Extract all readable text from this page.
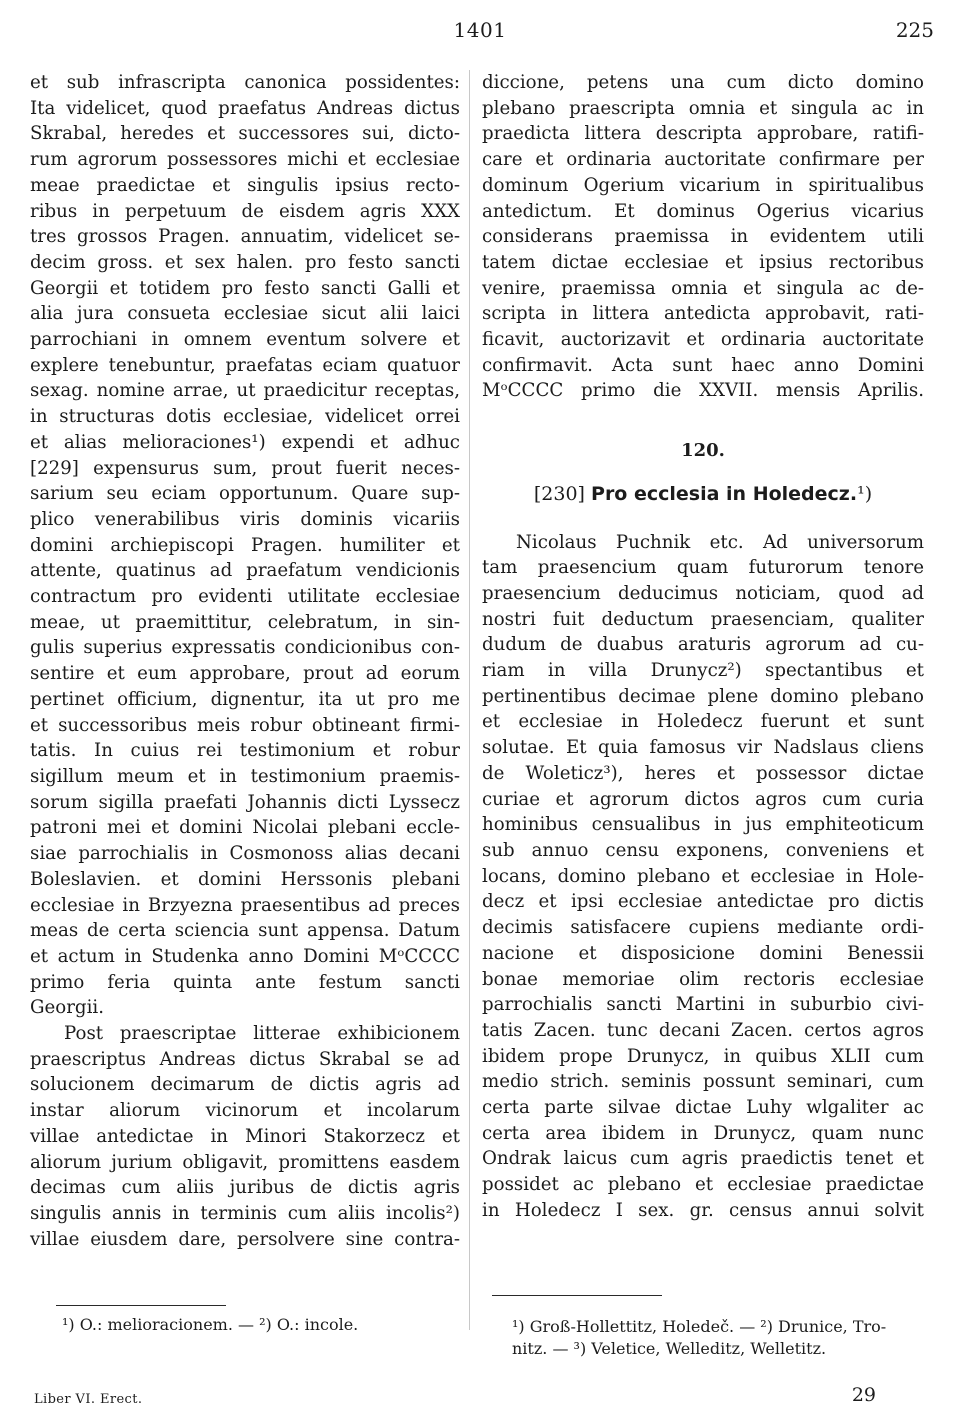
1401	225
et sub infrascripta canonica possidentes:
Ita videlicet, quod praefatus Andreas dictus
Skrabal, heredes et successores sui, dicto-
rum agrorum possessores michi et ecclesiae
meae praedictae et singulis ipsius recto-
ribus in perpetuum de eisdem agris XXX
tres grossos Pragen. annuatim, videlicet se-
decim gross. et sex halen. pro festo sancti
Georgii et totidem pro festo sancti Galli et
alia jura consueta ecclesiae sicut alii laici
parrochiani in omnem eventum solvere et
explere tenebuntur, praefatas eciam quatuor
sexag. nomine arrae, ut praedicitur receptas,
in structuras dotis ecclesiae, videlicet orrei
et alias melioraciones¹) expendi et adhuc
[229] expensurus sum, prout fuerit neces-
sarium seu eciam opportunum. Quare sup-
plico venerabilibus viris dominis vicariis
domini archiepiscopi Pragen. humiliter et
attente, quatinus ad praefatum vendicionis
contractum pro evidenti utilitate ecclesiae
meae, ut praemittitur, celebratum, in sin-
gulis superius expressatis condicionibus con-
sentire et eum approbare, prout ad eorum
pertinet officium, dignentur, ita ut pro me
et successoribus meis robur obtineant firmi-
tatis. In cuius rei testimonium et robur
sigillum meum et in testimonium praemis-
sorum sigilla praefati Johannis dicti Lyssecz
patroni mei et domini Nicolai plebani eccle-
siae parrochialis in Cosmonoss alias decani
Boleslavien. et domini Herssonis plebani
ecclesiae in Brzyezna praesentibus ad preces
meas de certa sciencia sunt appensa. Datum
et actum in Studenka anno Domini MᵒCCCC
primo feria quinta ante festum sancti
Georgii.
Post praescriptae litterae exhibicionem
praescriptus Andreas dictus Skrabal se ad
solucionem decimarum de dictis agris ad
instar aliorum vicinorum et incolarum
villae antedictae in Minori Stakorzecz et
aliorum jurium obligavit, promittens easdem
decimas cum aliis juribus de dictis agris
singulis annis in terminis cum aliis incolis²)
villae eiusdem dare, persolvere sine contra-
diccione, petens una cum dicto domino
plebano praescripta omnia et singula ac in
praedicta littera descripta approbare, ratifi-
care et ordinaria auctoritate confirmare per
dominum Ogerium vicarium in spiritualibus
antedictum. Et dominus Ogerius vicarius
considerans praemissa in evidentem utili
tatem dictae ecclesiae et ipsius rectoribus
venire, praemissa omnia et singula ac de-
scripta in littera antedicta approbavit, rati-
ficavit, auctorizavit et ordinaria auctoritate
confirmavit. Acta sunt haec anno Domini
MᵒCCCC primo die XXVII. mensis Aprilis.
120.
[230] Pro ecclesia in Holedecz.¹)
Nicolaus Puchnik etc. Ad universorum
tam praesencium quam futurorum tenore
praesencium deducimus noticiam, quod ad
nostri fuit deductum praesenciam, qualiter
dudum de duabus araturis agrorum ad cu-
riam in villa Drunycz²) spectantibus et
pertinentibus decimae plene domino plebano
et ecclesiae in Holedecz fuerunt et sunt
solutae. Et quia famosus vir Nadslaus cliens
de Woleticz³), heres et possessor dictae
curiae et agrorum dictos agros cum curia
hominibus censualibus in jus emphiteoticum
sub annuo censu exponens, conveniens et
locans, domino plebano et ecclesiae in Hole-
decz et ipsi ecclesiae antedictae pro dictis
decimis satisfacere cupiens mediante ordi-
nacione et disposicione domini Benessii
bonae memoriae olim rectoris ecclesiae
parrochialis sancti Martini in suburbio civi-
tatis Zacen. tunc decani Zacen. certos agros
ibidem prope Drunycz, in quibus XLII cum
medio strich. seminis possunt seminari, cum
certa parte silvae dictae Luhy wlgaliter ac
certa area ibidem in Drunycz, quam nunc
Ondrak laicus cum agris praedictis tenet et
possidet ac plebano et ecclesiae praedictae
in Holedecz I sex. gr. census annui solvit
¹) O.: melioracionem. — ²) O.: incole.	¹) Groß-Hollettitz, Holedeč. — ²) Drunice, Tro-
nitz. — ³) Veletice, Welleditz, Welletitz.
Liber VI. Erect.	29
